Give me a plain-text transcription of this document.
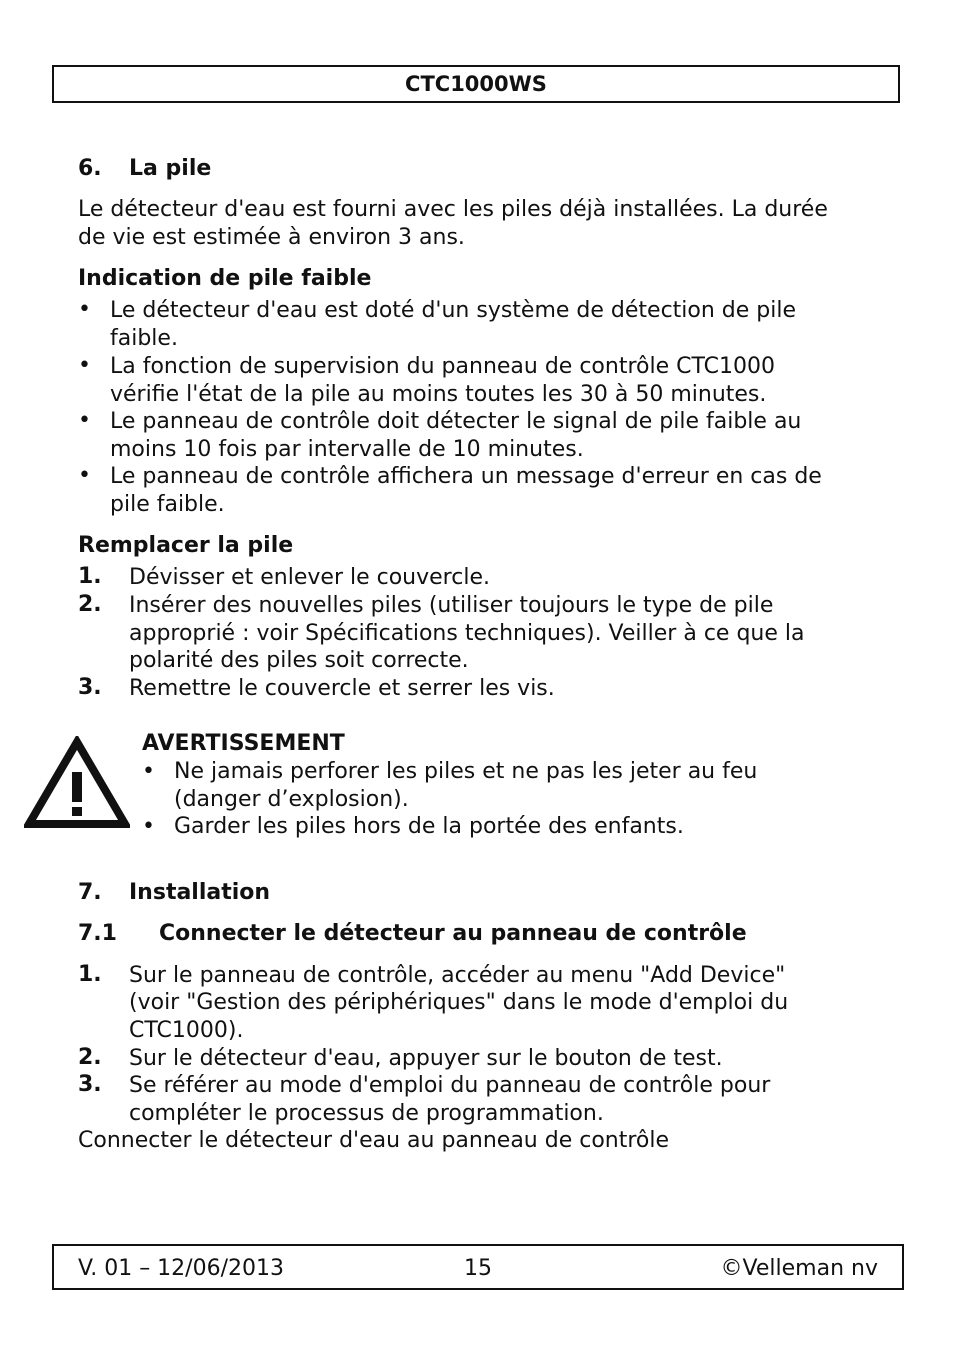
CTC1000WS
6. La pile
Le détecteur d'eau est fourni avec les piles déjà installées. La durée
de vie est estimée à environ 3 ans.
Indication de pile faible
• Le détecteur d'eau est doté d'un système de détection de pile
faible.
• La fonction de supervision du panneau de contrôle CTC1000
vérifie l'état de la pile au moins toutes les 30 à 50 minutes.
• Le panneau de contrôle doit détecter le signal de pile faible au
moins 10 fois par intervalle de 10 minutes.
• Le panneau de contrôle affichera un message d'erreur en cas de
pile faible.
Remplacer la pile
1. Dévisser et enlever le couvercle.
2. Insérer des nouvelles piles (utiliser toujours le type de pile
approprié : voir Spécifications techniques). Veiller à ce que la
polarité des piles soit correcte.
3. Remettre le couvercle et serrer les vis.
AVERTISSEMENT
• Ne jamais perforer les piles et ne pas les jeter au feu
(danger d’explosion).
• Garder les piles hors de la portée des enfants.
7. Installation
7.1 Connecter le détecteur au panneau de contrôle
1. Sur le panneau de contrôle, accéder au menu "Add Device"
(voir "Gestion des périphériques" dans le mode d'emploi du
CTC1000).
2. Sur le détecteur d'eau, appuyer sur le bouton de test.
3. Se référer au mode d'emploi du panneau de contrôle pour
compléter le processus de programmation.
Connecter le détecteur d'eau au panneau de contrôle
V. 01 – 12/06/2013	15	©Velleman nv
